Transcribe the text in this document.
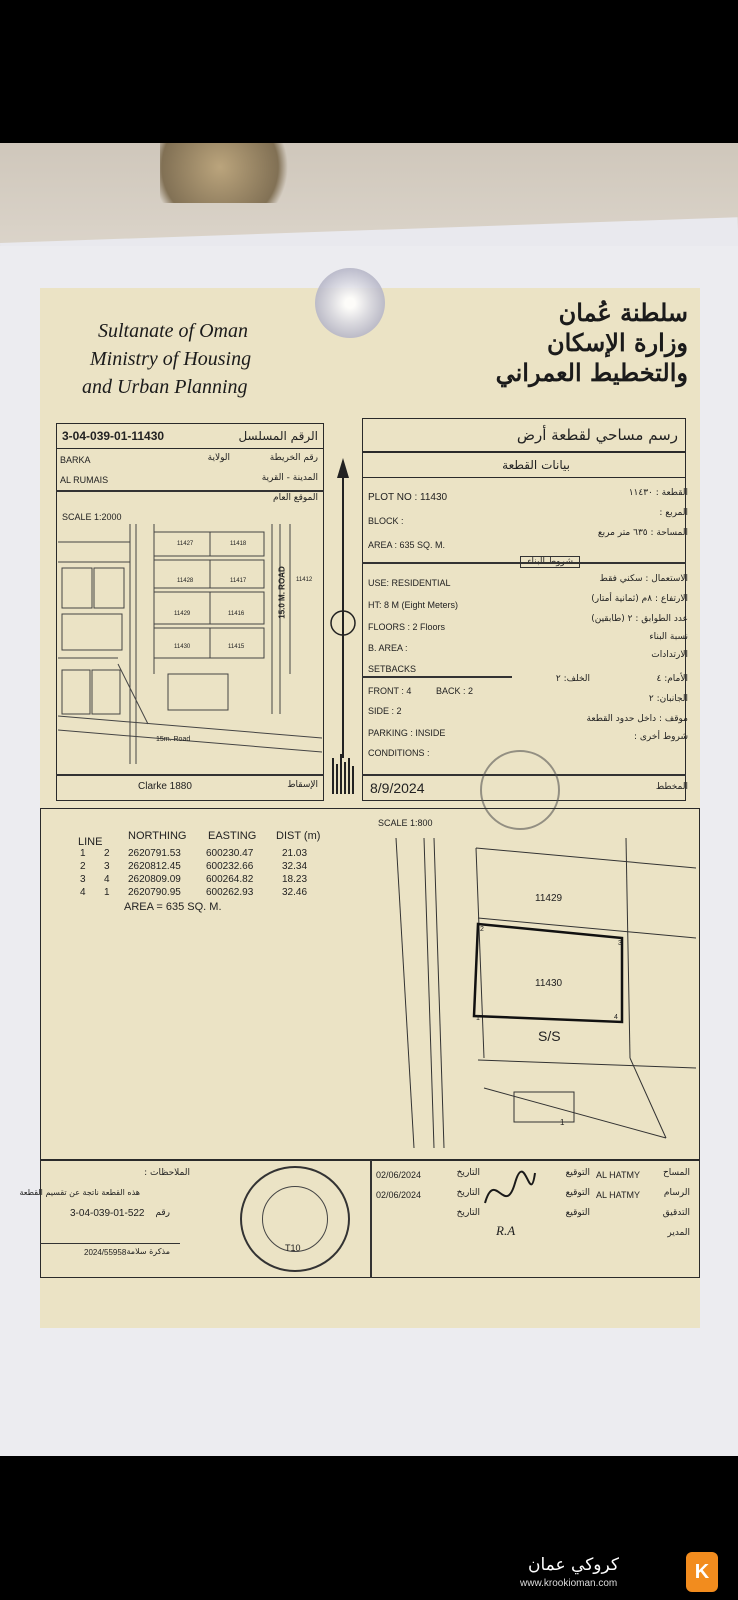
Sultanate of Oman
Ministry of Housing
and Urban Planning
سلطنة عُمان
وزارة الإسكان
والتخطيط العمراني
3-04-039-01-11430	الرقم المسلسل
BARKA	رقم الخريطة
الولاية
AL RUMAIS	المدينة - القرية
الموقع العام
SCALE 1:2000
11427	11418
11428	11417
11429	11416
11430	11415
11412
15.0 M. ROAD
15m. Road
Clarke 1880	الإسقاط
رسم مساحي لقطعة أرض
بيانات القطعة
PLOT NO : 11430	القطعة : ١١٤٣٠
BLOCK :
المربع :
AREA : 635 SQ. M.
المساحة : ٦٣٥ متر مربع
USE: RESIDENTIAL	الاستعمال : سكني فقط
HT: 8 M (Eight Meters)
الارتفاع : ٨م (ثمانية أمتار)
FLOORS : 2 Floors
عدد الطوابق : ٢ (طابقين)
B. AREA :
نسبة البناء
SETBACKS
الارتدادات
FRONT : 4	BACK : 2
الأمام: ٤
الخلف: ٢
SIDE : 2
الجانبان: ٢
PARKING : INSIDE
موقف : داخل حدود القطعة
CONDITIONS :
شروط أخرى :
8/9/2024	المخطط
SCALE 1:800
LINE NORTHING EASTING DIST (m)
1 2 2620791.53	600230.47	21.03
2 3 2620812.45	600232.66	32.34
3 4 2620809.09	600264.82	18.23
4 1 2620790.95	600262.93	32.46
AREA = 635 SQ. M.
11429
11430
1
2
3
4
S/S
1
الملاحظات :
هذه القطعة ناتجة عن تقسيم القطعة
رقم
3-04-039-01-522
2024/55958 مذكرة سلامة	T10
المساح
AL HATMY
التوقيع
التاريخ
02/06/2024
الرسام
AL HATMY
التوقيع
التاريخ
02/06/2024
التدقيق
التوقيع
التاريخ
المدير
R.A
كروكي عمان
www.krookioman.com
K
